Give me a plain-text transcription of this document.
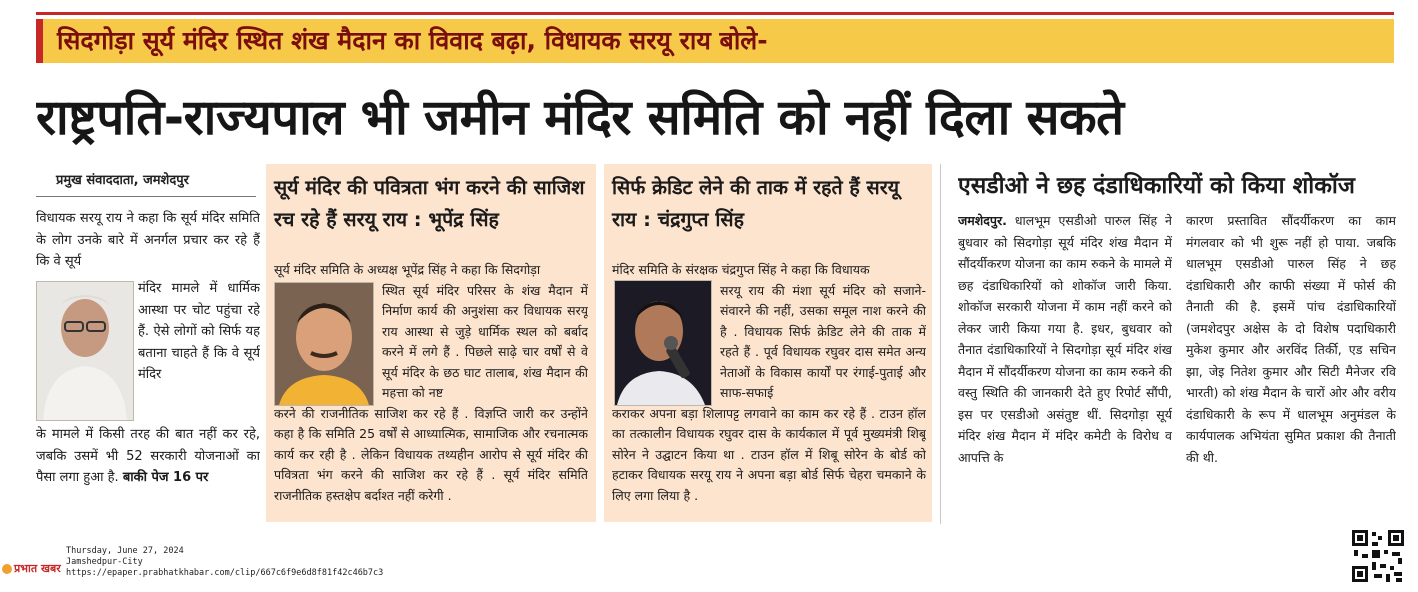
सिदगोड़ा सूर्य मंदिर स्थित शंख मैदान का विवाद बढ़ा, विधायक सरयू राय बोले-
राष्ट्रपति-राज्यपाल भी जमीन मंदिर समिति को नहीं दिला सकते
प्रमुख संवाददाता, जमशेदपुर
विधायक सरयू राय ने कहा कि सूर्य मंदिर समिति के लोग उनके बारे में अनर्गल प्रचार कर रहे हैं कि वे सूर्य
मंदिर मामले में धार्मिक आस्था पर चोट पहुंचा रहे हैं. ऐसे लोगों को सिर्फ यह बताना चाहते हैं कि वे सूर्य मंदिर
के मामले में किसी तरह की बात नहीं कर रहे, जबकि उसमें भी 52 सरकारी योजनाओं का पैसा लगा हुआ है. बाकी पेज 16 पर
सूर्य मंदिर की पवित्रता भंग करने की साजिश रच रहे हैं सरयू राय : भूपेंद्र सिंह
सूर्य मंदिर समिति के अध्यक्ष भूपेंद्र सिंह ने कहा कि सिदगोड़ा
स्थित सूर्य मंदिर परिसर के शंख मैदान में निर्माण कार्य की अनुशंसा कर विधायक सरयू राय आस्था से जुड़े धार्मिक स्थल को बर्बाद करने में लगे हैं . पिछले साढ़े चार वर्षों से वे सूर्य मंदिर के छठ घाट तालाब, शंख मैदान की महत्ता को नष्ट
करने की राजनीतिक साजिश कर रहे हैं . विज्ञप्ति जारी कर उन्होंने कहा है कि समिति 25 वर्षों से आध्यात्मिक, सामाजिक और रचनात्मक कार्य कर रही है . लेकिन विधायक तथ्यहीन आरोप से सूर्य मंदिर की पवित्रता भंग करने की साजिश कर रहे हैं . सूर्य मंदिर समिति राजनीतिक हस्तक्षेप बर्दाश्त नहीं करेगी .
सिर्फ क्रेडिट लेने की ताक में रहते हैं सरयू राय : चंद्रगुप्त सिंह
मंदिर समिति के संरक्षक चंद्रगुप्त सिंह ने कहा कि विधायक
सरयू राय की मंशा सूर्य मंदिर को सजाने-संवारने की नहीं, उसका समूल नाश करने की है . विधायक सिर्फ क्रेडिट लेने की ताक में रहते हैं . पूर्व विधायक रघुवर दास समेत अन्य नेताओं के विकास कार्यों पर रंगाई-पुताई और साफ-सफाई
कराकर अपना बड़ा शिलापट्ट लगवाने का काम कर रहे हैं . टाउन हॉल का तत्कालीन विधायक रघुवर दास के कार्यकाल में पूर्व मुख्यमंत्री शिबू सोरेन ने उद्घाटन किया था . टाउन हॉल में शिबू सोरेन के बोर्ड को हटाकर विधायक सरयू राय ने अपना बड़ा बोर्ड सिर्फ चेहरा चमकाने के लिए लगा लिया है .
एसडीओ ने छह दंडाधिकारियों को किया शोकॉज
जमशेदपुर. धालभूम एसडीओ पारुल सिंह ने बुधवार को सिदगोड़ा सूर्य मंदिर शंख मैदान में सौंदर्यीकरण योजना का काम रुकने के मामले में छह दंडाधिकारियों को शोकॉज जारी किया. शोकॉज सरकारी योजना में काम नहीं करने को लेकर जारी किया गया है. इधर, बुधवार को तैनात दंडाधिकारियों ने सिदगोड़ा सूर्य मंदिर शंख मैदान में सौंदर्यीकरण योजना का काम रुकने की वस्तु स्थिति की जानकारी देते हुए रिपोर्ट सौंपी, इस पर एसडीओ असंतुष्ट थीं. सिदगोड़ा सूर्य मंदिर शंख मैदान में मंदिर कमेटी के विरोध व आपत्ति के
कारण प्रस्तावित सौंदर्यीकरण का काम मंगलवार को भी शुरू नहीं हो पाया. जबकि धालभूम एसडीओ पारुल सिंह ने छह दंडाधिकारी और काफी संख्या में फोर्स की तैनाती की है. इसमें पांच दंडाधिकारियों (जमशेदपुर अक्षेस के दो विशेष पदाधिकारी मुकेश कुमार और अरविंद तिर्की, एड सचिन झा, जेइ नितेश कुमार और सिटी मैनेजर रवि भारती) को शंख मैदान के चारों ओर और वरीय दंडाधिकारी के रूप में धालभूम अनुमंडल के कार्यपालक अभियंता सुमित प्रकाश की तैनाती की थी.
प्रभात खबर
Thursday, June 27, 2024
Jamshedpur-City
https://epaper.prabhatkhabar.com/clip/667c6f9e6d8f81f42c46b7c3
